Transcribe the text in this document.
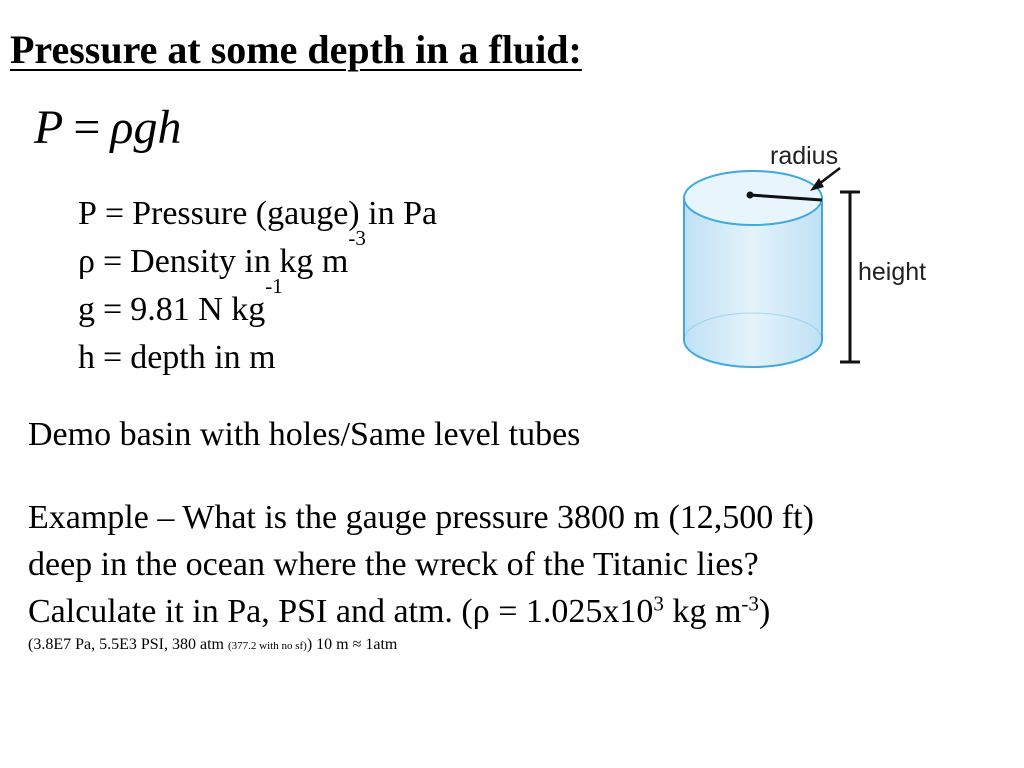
Pressure at some depth in a fluid:
P = ρgh
P = Pressure (gauge) in Pa
ρ = Density in kg m
-3
g = 9.81 N kg
-1
h = depth in m
radius
height
Demo basin with holes/Same level tubes
Example – What is the gauge pressure 3800 m (12,500 ft)
deep in the ocean where the wreck of the Titanic lies?
Calculate it in Pa, PSI and atm. ($\rho = 1.025x10^3$ kg $m^{-3}$)
(3.8E7 Pa, 5.5E3 PSI, 380 atm (377.2 with no sf)) 10 m ≈ 1atm
